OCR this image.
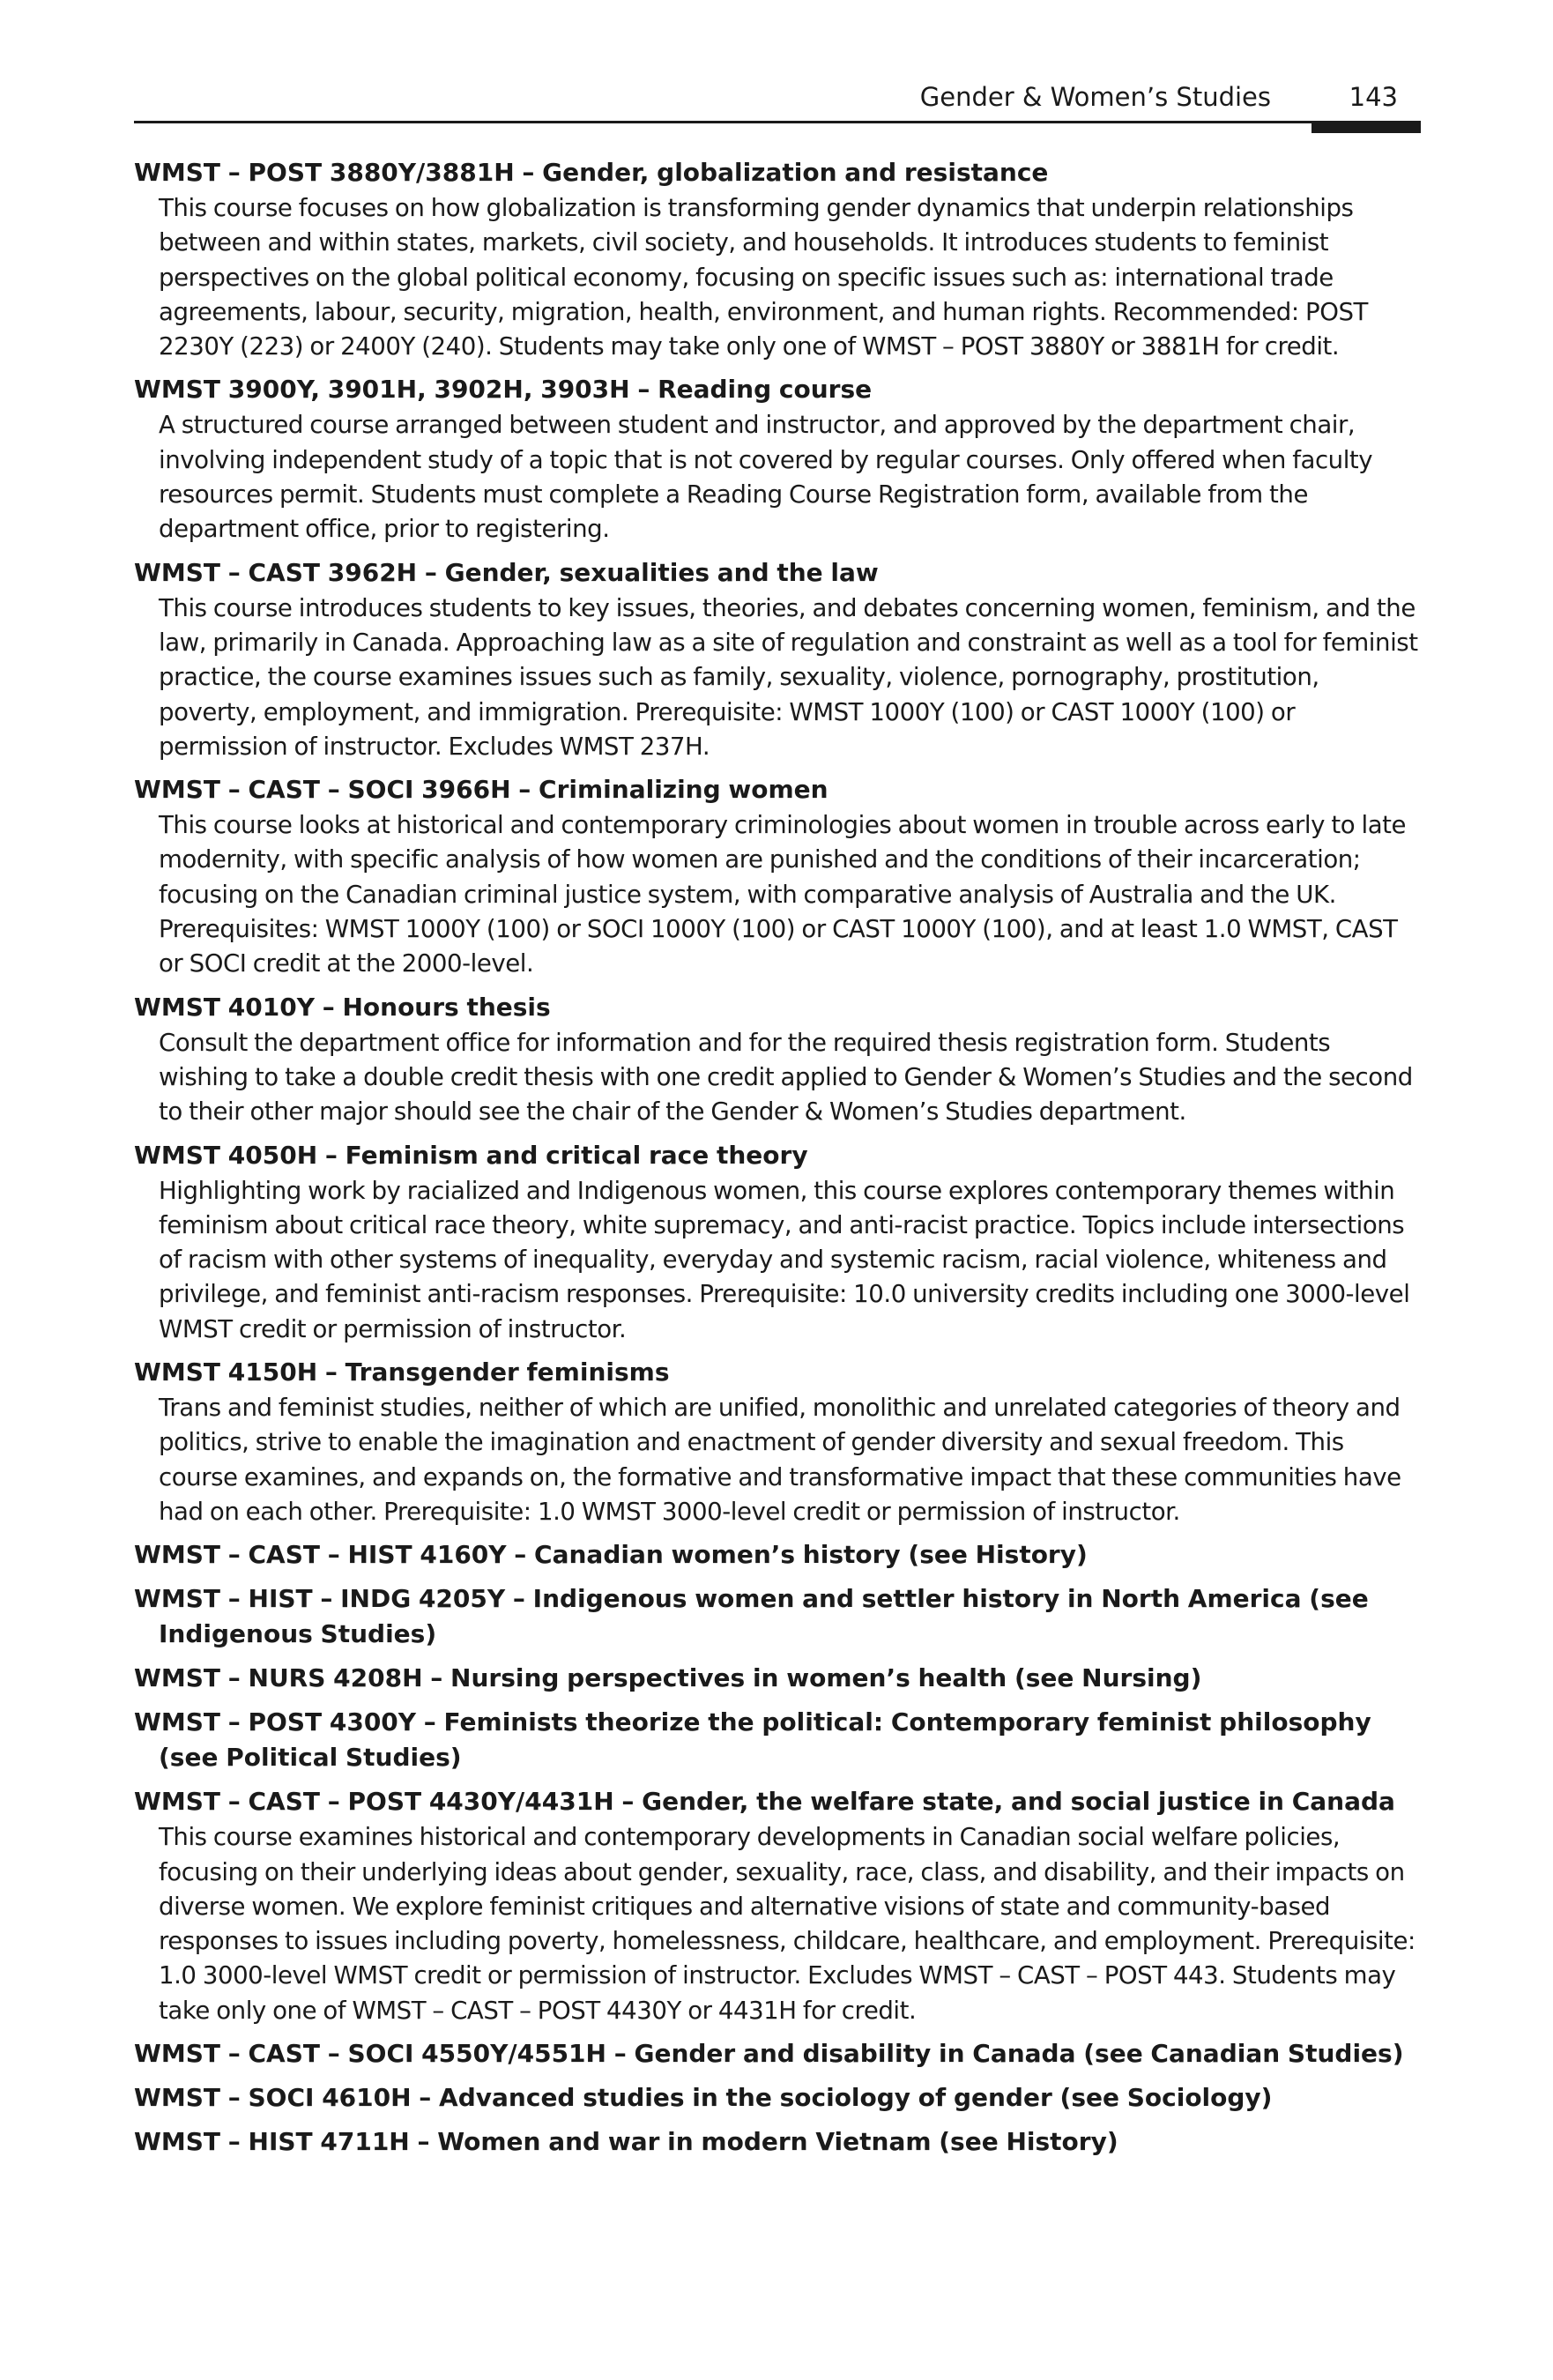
Gender & Women’s Studies	143

WMST – POST 3880Y/3881H – Gender, globalization and resistance

This course focuses on how globalization is transforming gender dynamics that underpin relationships between and within states, markets, civil society, and households. It introduces students to feminist perspectives on the global political economy, focusing on specific issues such as: international trade agreements, labour, security, migration, health, environment, and human rights. Recommended: POST 2230Y (223) or 2400Y (240). Students may take only one of WMST – POST 3880Y or 3881H for credit.

WMST 3900Y, 3901H, 3902H, 3903H – Reading course

A structured course arranged between student and instructor, and approved by the department chair, involving independent study of a topic that is not covered by regular courses. Only offered when faculty resources permit. Students must complete a Reading Course Registration form, available from the department office, prior to registering.

WMST – CAST 3962H – Gender, sexualities and the law

This course introduces students to key issues, theories, and debates concerning women, feminism, and the law, primarily in Canada. Approaching law as a site of regulation and constraint as well as a tool for feminist practice, the course examines issues such as family, sexuality, violence, pornography, prostitution, poverty, employment, and immigration. Prerequisite: WMST 1000Y (100) or CAST 1000Y (100) or permission of instructor. Excludes WMST 237H.

WMST – CAST – SOCI 3966H – Criminalizing women

This course looks at historical and contemporary criminologies about women in trouble across early to late modernity, with specific analysis of how women are punished and the conditions of their incarceration; focusing on the Canadian criminal justice system, with comparative analysis of Australia and the UK. Prerequisites: WMST 1000Y (100) or SOCI 1000Y (100) or CAST 1000Y (100), and at least 1.0 WMST, CAST or SOCI credit at the 2000-level.

WMST 4010Y – Honours thesis

Consult the department office for information and for the required thesis registration form. Students wishing to take a double credit thesis with one credit applied to Gender & Women’s Studies and the second to their other major should see the chair of the Gender & Women’s Studies department.

WMST 4050H – Feminism and critical race theory

Highlighting work by racialized and Indigenous women, this course explores contemporary themes within feminism about critical race theory, white supremacy, and anti-racist practice. Topics include intersections of racism with other systems of inequality, everyday and systemic racism, racial violence, whiteness and privilege, and feminist anti-racism responses. Prerequisite: 10.0 university credits including one 3000-level WMST credit or permission of instructor.

WMST 4150H – Transgender feminisms

Trans and feminist studies, neither of which are unified, monolithic and unrelated categories of theory and politics, strive to enable the imagination and enactment of gender diversity and sexual freedom. This course examines, and expands on, the formative and transformative impact that these communities have had on each other. Prerequisite: 1.0 WMST 3000-level credit or permission of instructor.

WMST – CAST – HIST 4160Y – Canadian women’s history (see History)

WMST – HIST – INDG 4205Y – Indigenous women and settler history in North America (see Indigenous Studies)

WMST – NURS 4208H – Nursing perspectives in women’s health (see Nursing)

WMST – POST 4300Y – Feminists theorize the political: Contemporary feminist philosophy (see Political Studies)

WMST – CAST – POST 4430Y/4431H – Gender, the welfare state, and social justice in Canada

This course examines historical and contemporary developments in Canadian social welfare policies, focusing on their underlying ideas about gender, sexuality, race, class, and disability, and their impacts on diverse women. We explore feminist critiques and alternative visions of state and community-based responses to issues including poverty, homelessness, childcare, healthcare, and employment. Prerequisite: 1.0 3000-level WMST credit or permission of instructor. Excludes WMST – CAST – POST 443. Students may take only one of WMST – CAST – POST 4430Y or 4431H for credit.

WMST – CAST – SOCI 4550Y/4551H – Gender and disability in Canada (see Canadian Studies)

WMST – SOCI 4610H – Advanced studies in the sociology of gender (see Sociology)

WMST – HIST 4711H – Women and war in modern Vietnam (see History)
